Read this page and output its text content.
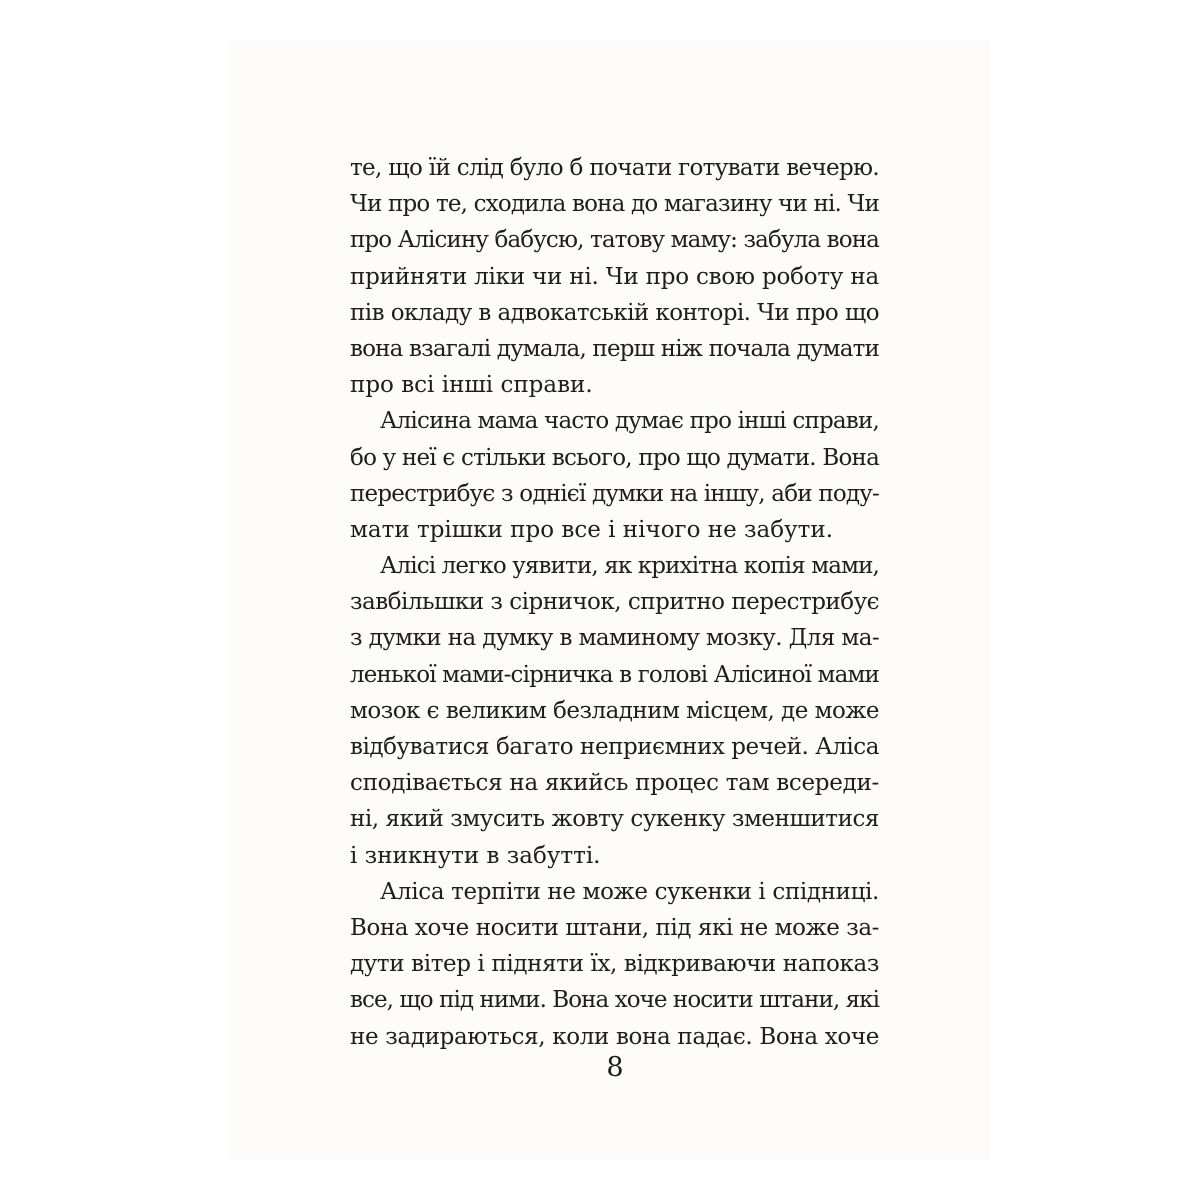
те, що їй слід було б почати готувати вечерю.
Чи про те, сходила вона до магазину чи ні. Чи
про Алісину бабусю, татову маму: забула вона
прийняти ліки чи ні. Чи про свою роботу на
пів окладу в адвокатській конторі. Чи про що
вона взагалі думала, перш ніж почала думати
про всі інші справи.
Алісина мама часто думає про інші справи,
бо у неї є стільки всього, про що думати. Вона
перестрибує з однієї думки на іншу, аби поду-
мати трішки про все і нічого не забути.
Алісі легко уявити, як крихітна копія мами,
завбільшки з сірничок, спритно перестрибує
з думки на думку в маминому мозку. Для ма-
ленької мами-сірничка в голові Алісиної мами
мозок є великим безладним місцем, де може
відбуватися багато неприємних речей. Аліса
сподівається на якийсь процес там всереди-
ні, який змусить жовту сукенку зменшитися
і зникнути в забутті.
Аліса терпіти не може сукенки і спідниці.
Вона хоче носити штани, під які не може за-
дути вітер і підняти їх, відкриваючи напоказ
все, що під ними. Вона хоче носити штани, які
не задираються, коли вона падає. Вона хоче
8
